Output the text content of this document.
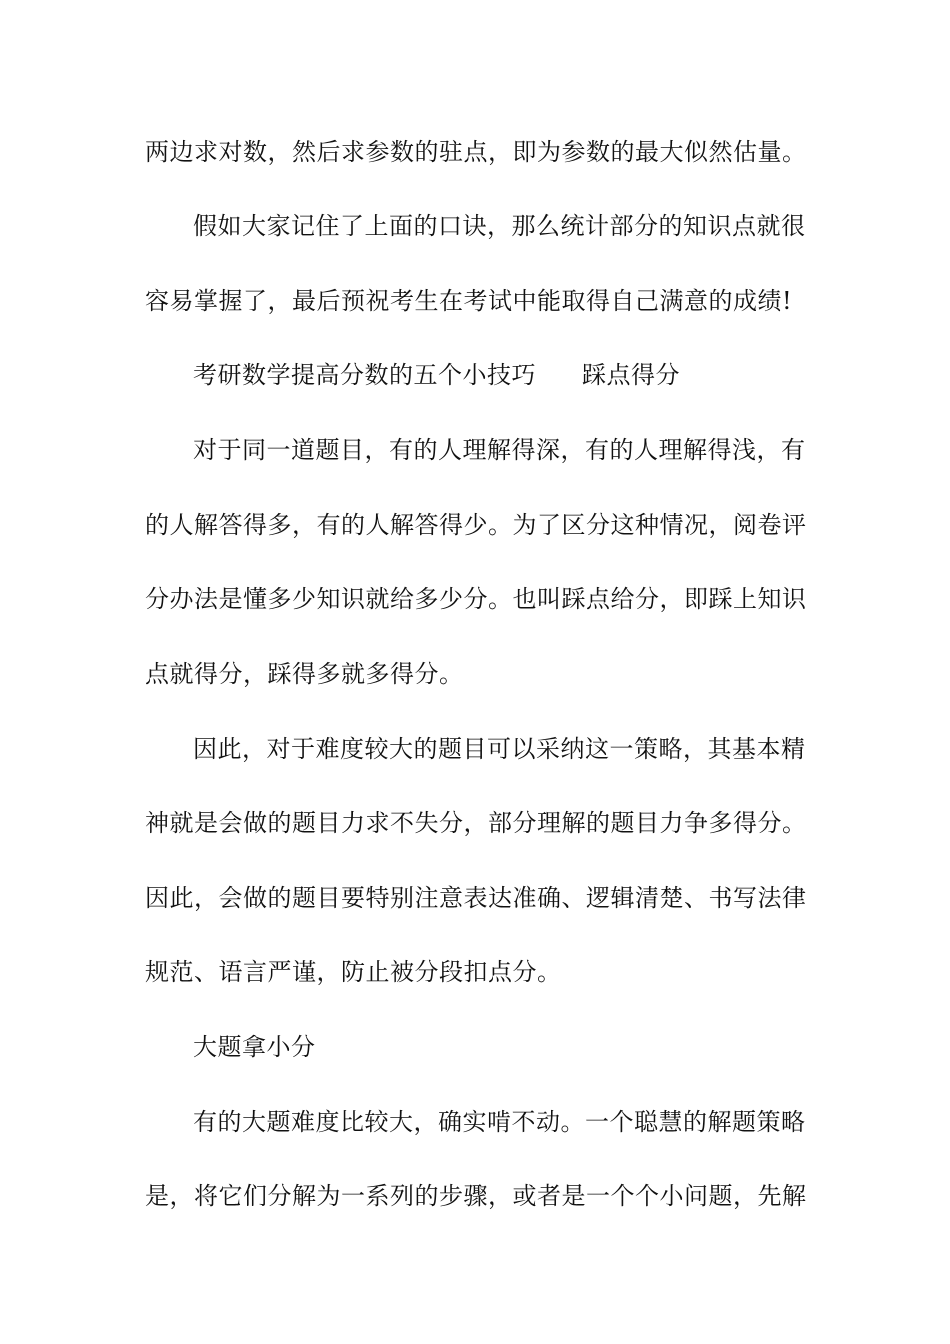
两边求对数，然后求参数的驻点，即为参数的最大似然估量。
假如大家记住了上面的口诀，那么统计部分的知识点就很
容易掌握了，最后预祝考生在考试中能取得自己满意的成绩!
考研数学提高分数的五个小技巧 踩点得分
对于同一道题目，有的人理解得深，有的人理解得浅，有
的人解答得多，有的人解答得少。为了区分这种情况，阅卷评
分办法是懂多少知识就给多少分。也叫踩点给分，即踩上知识
点就得分，踩得多就多得分。
因此，对于难度较大的题目可以采纳这一策略，其基本精
神就是会做的题目力求不失分，部分理解的题目力争多得分。
因此，会做的题目要特别注意表达准确、逻辑清楚、书写法律
规范、语言严谨，防止被分段扣点分。
大题拿小分
有的大题难度比较大，确实啃不动。一个聪慧的解题策略
是，将它们分解为一系列的步骤，或者是一个个小问题，先解
